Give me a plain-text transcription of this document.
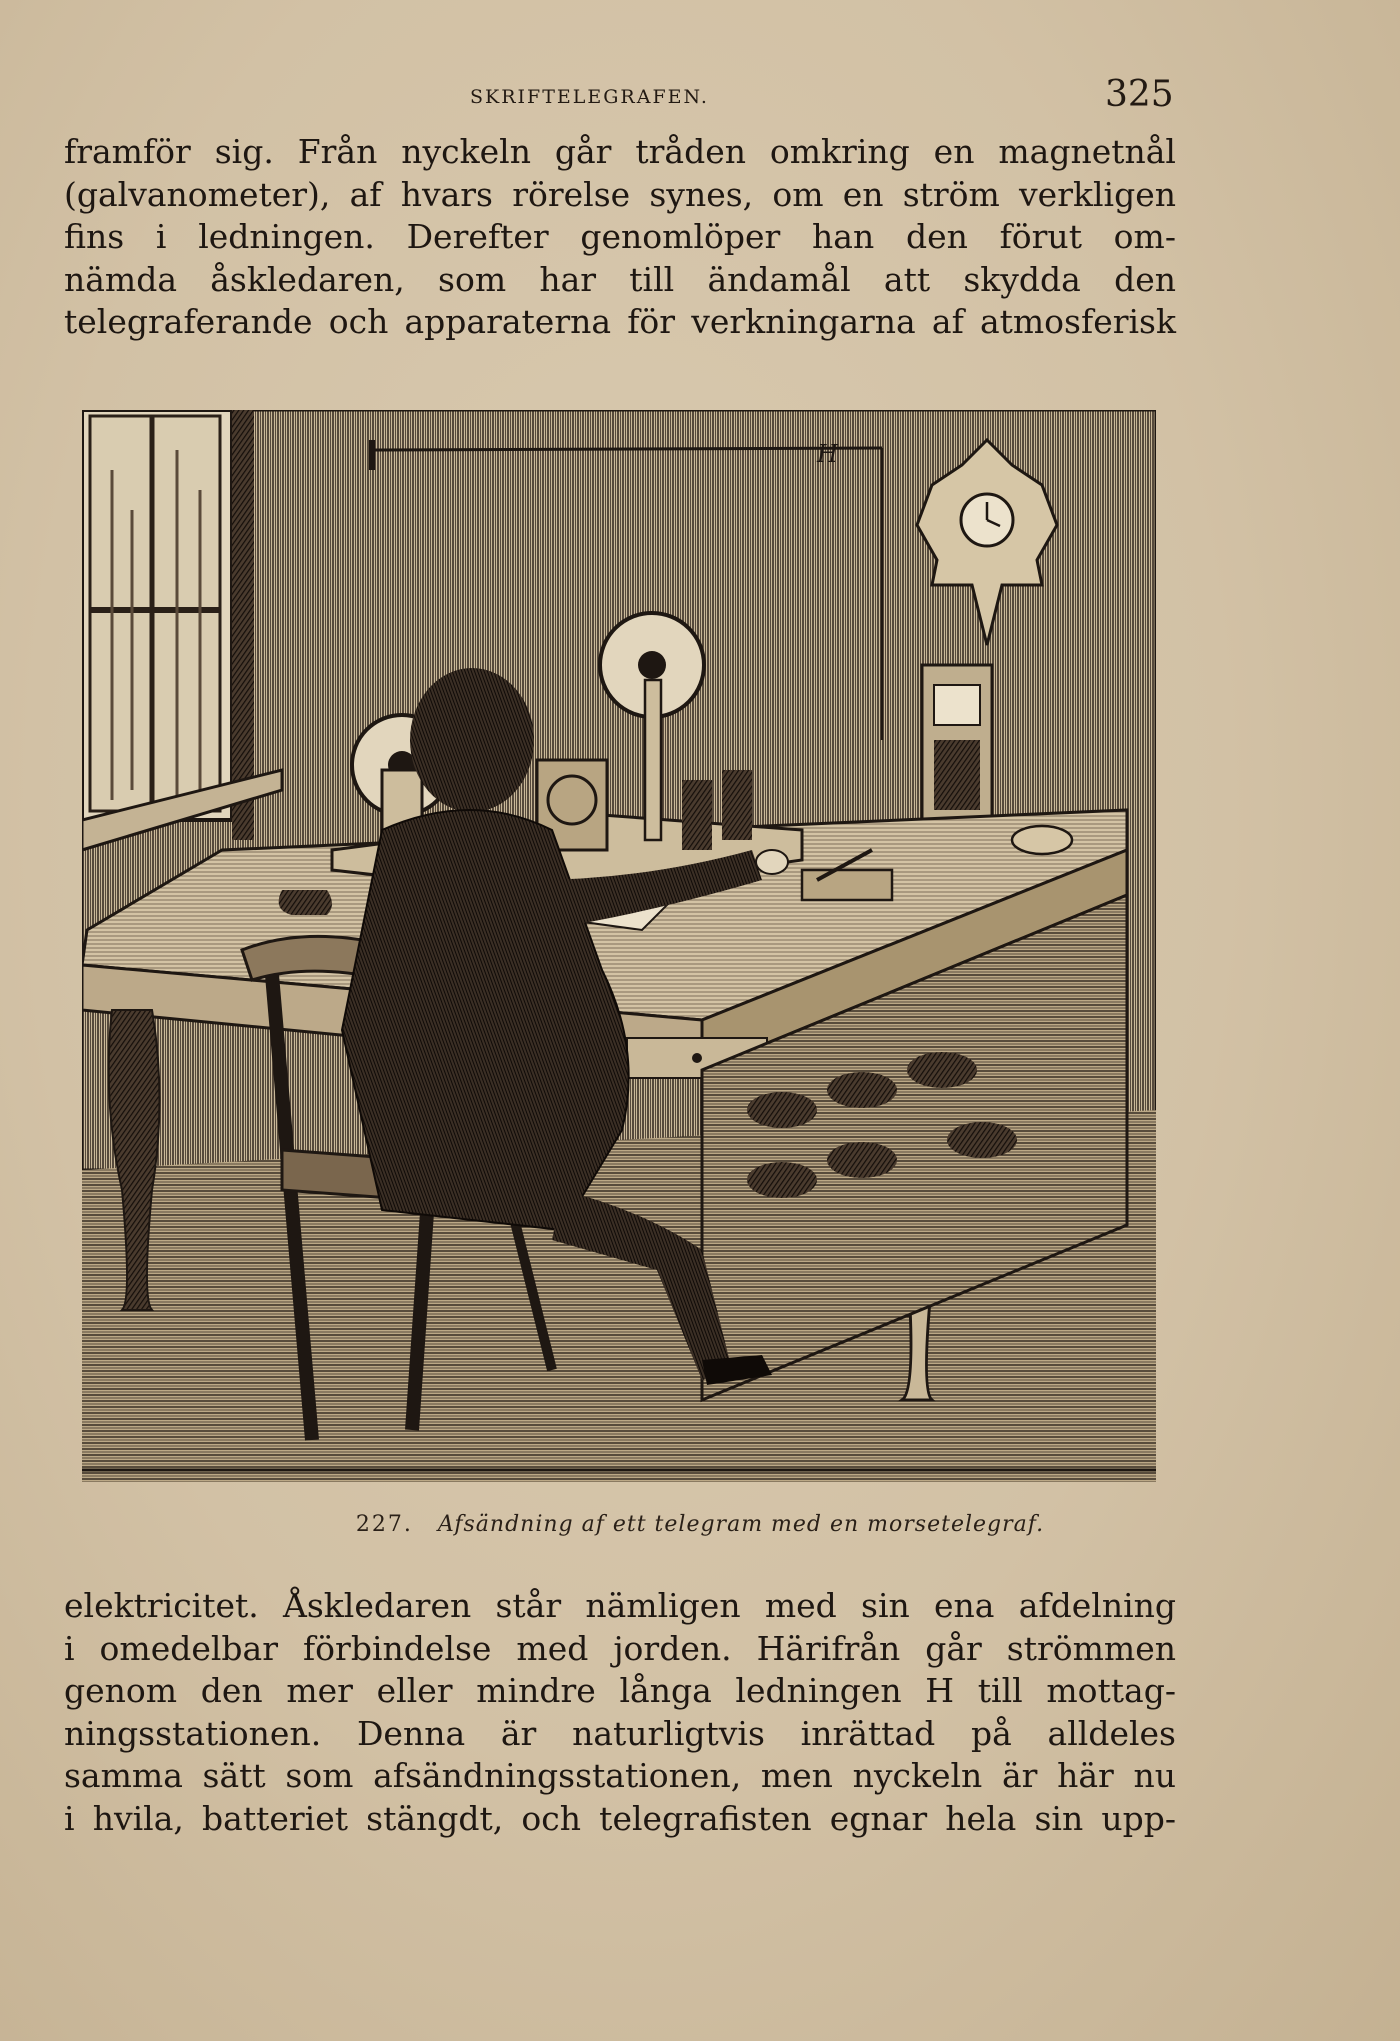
SKRIFTELEGRAFEN.	325
framför sig. Från nyckeln går tråden omkring en magnetnål
(galvanometer), af hvars rörelse synes, om en ström verkligen
fins i ledningen. Derefter genomlöper han den förut om-
nämda åskledaren, som har till ändamål att skydda den
telegraferande och apparaterna för verkningarna af atmosferisk
H
227. Afsändning af ett telegram med en morsetelegraf.
elektricitet. Åskledaren står nämligen med sin ena afdelning
i omedelbar förbindelse med jorden. Härifrån går strömmen
genom den mer eller mindre långa ledningen H till mottag-
ningsstationen. Denna är naturligtvis inrättad på alldeles
samma sätt som afsändningsstationen, men nyckeln är här nu
i hvila, batteriet stängdt, och telegrafisten egnar hela sin upp-
